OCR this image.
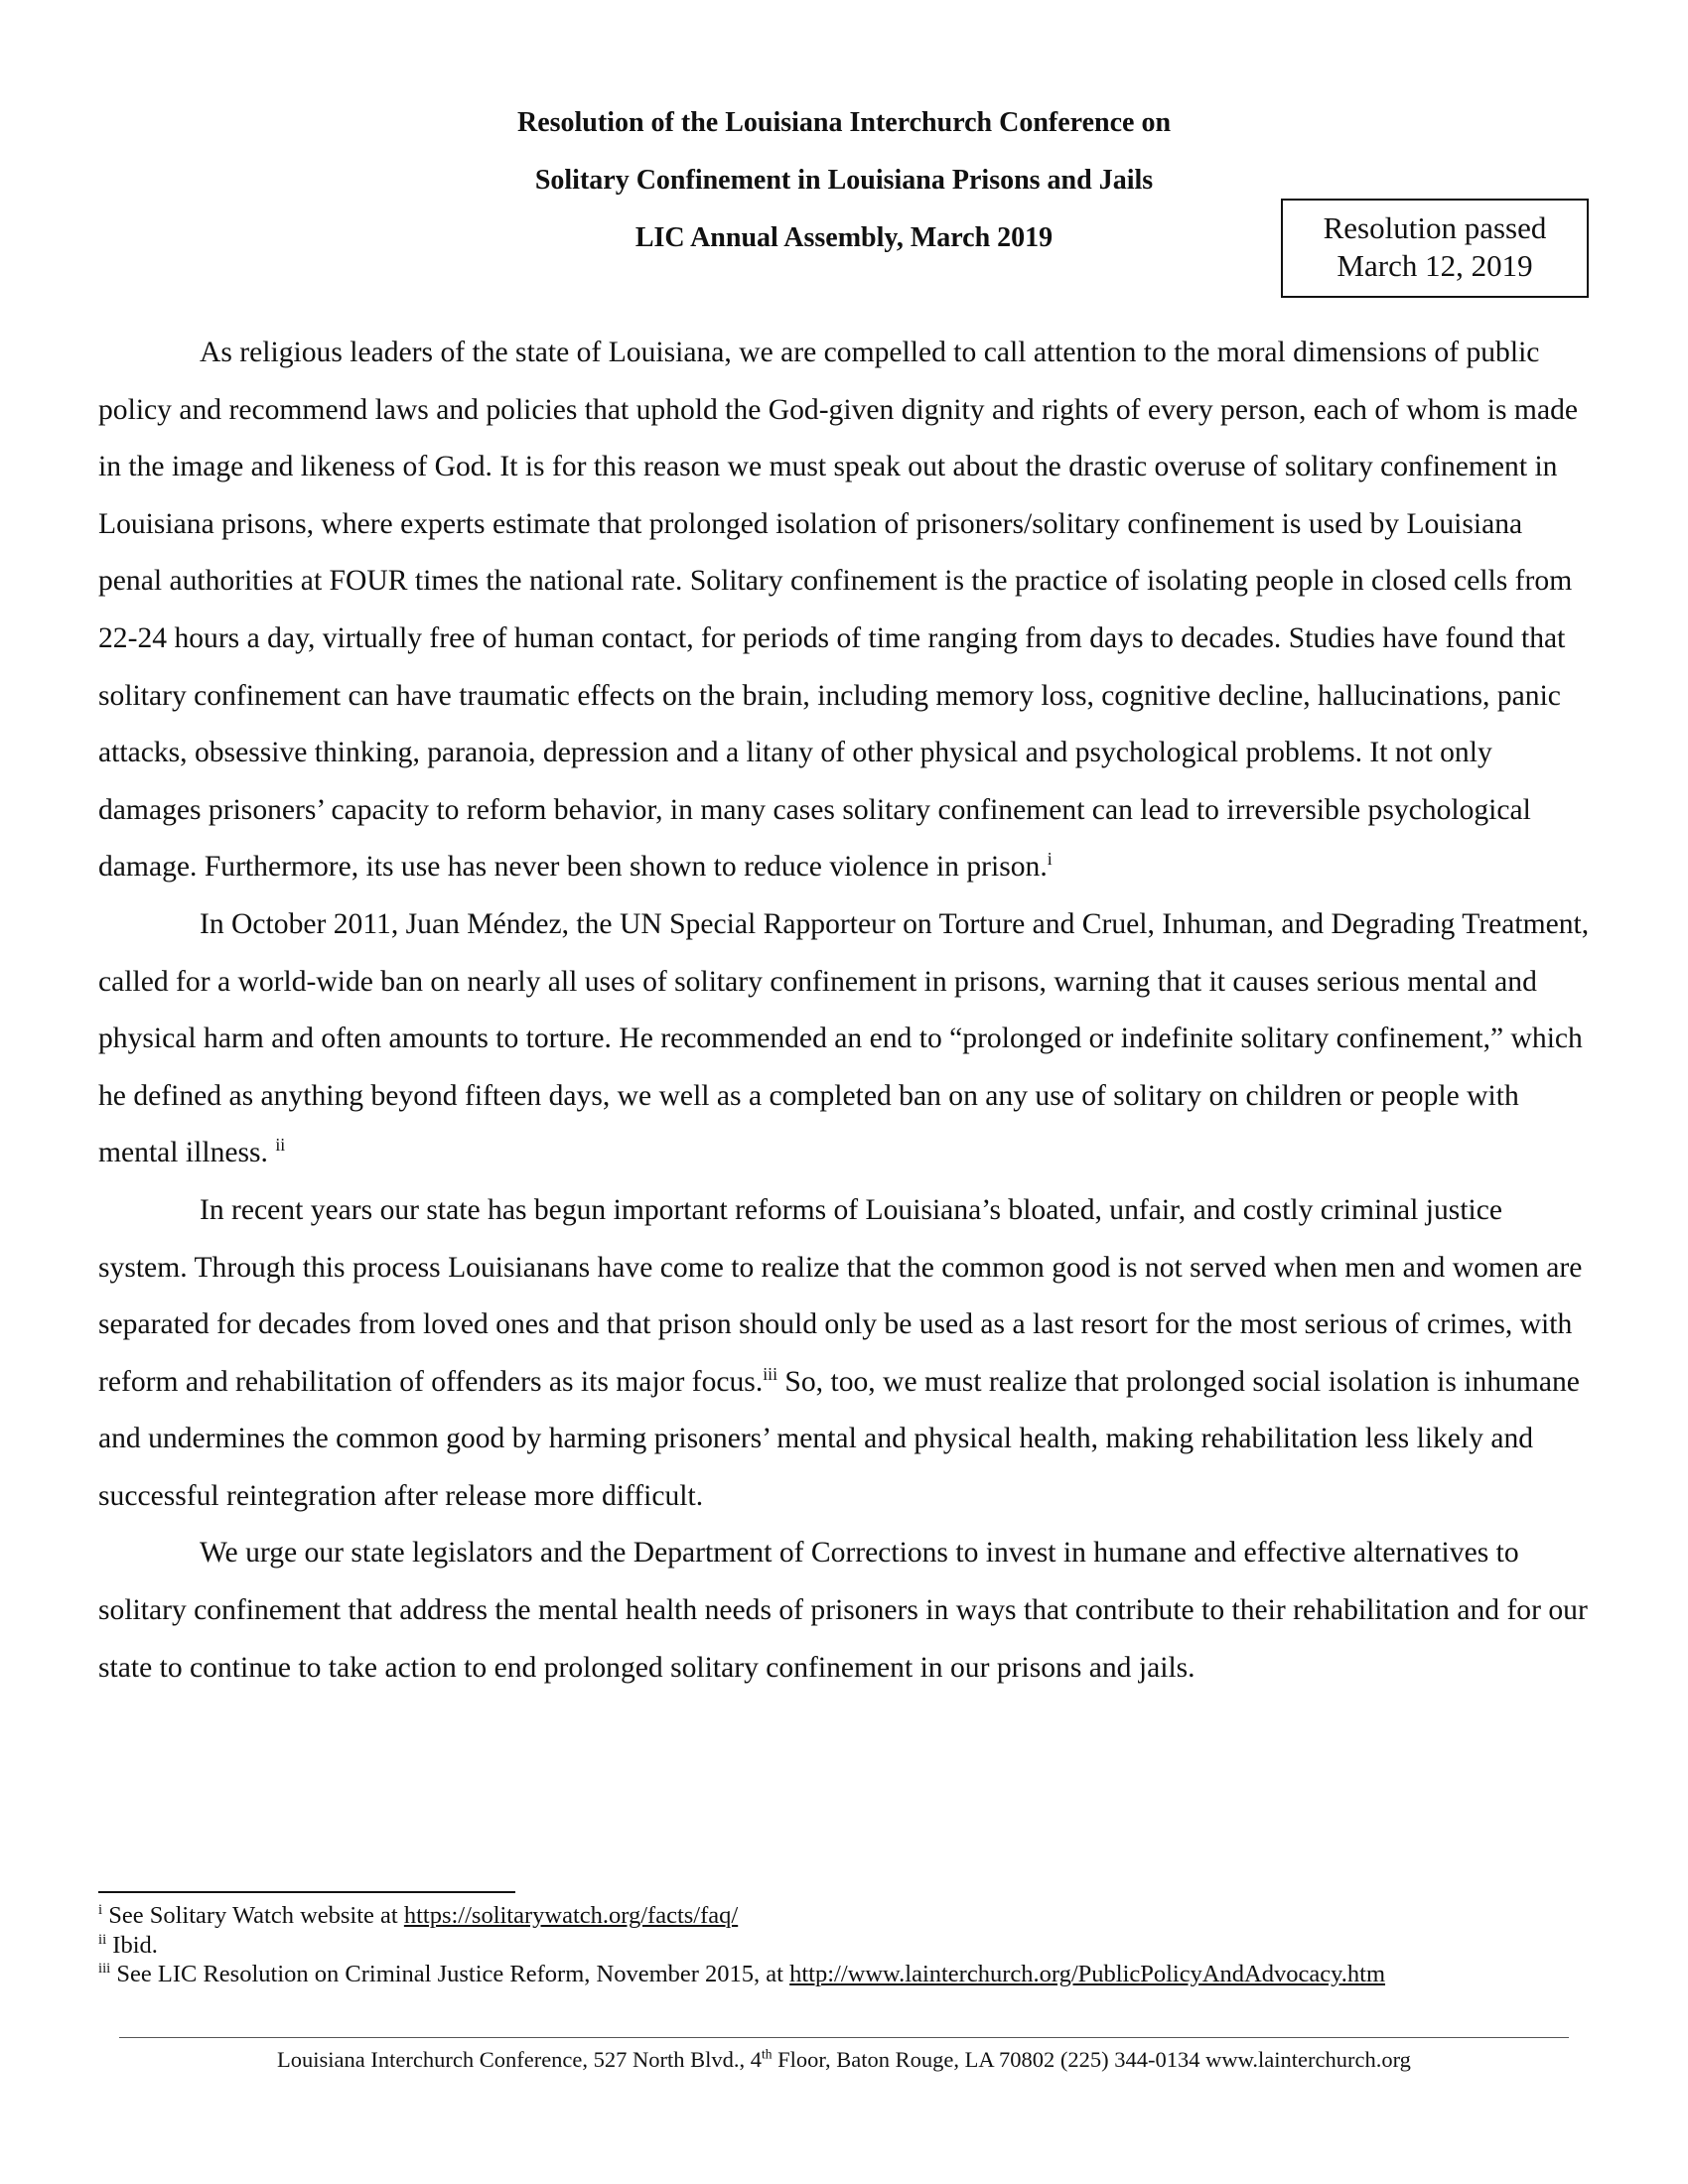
Resolution of the Louisiana Interchurch Conference on
Solitary Confinement in Louisiana Prisons and Jails
LIC Annual Assembly, March 2019	Resolution passed
March 12, 2019

As religious leaders of the state of Louisiana, we are compelled to call attention to the moral dimensions of public policy and recommend laws and policies that uphold the God-given dignity and rights of every person, each of whom is made in the image and likeness of God. It is for this reason we must speak out about the drastic overuse of solitary confinement in Louisiana prisons, where experts estimate that prolonged isolation of prisoners/solitary confinement is used by Louisiana penal authorities at FOUR times the national rate. Solitary confinement is the practice of isolating people in closed cells from 22-24 hours a day, virtually free of human contact, for periods of time ranging from days to decades. Studies have found that solitary confinement can have traumatic effects on the brain, including memory loss, cognitive decline, hallucinations, panic attacks, obsessive thinking, paranoia, depression and a litany of other physical and psychological problems. It not only damages prisoners’ capacity to reform behavior, in many cases solitary confinement can lead to irreversible psychological damage. Furthermore, its use has never been shown to reduce violence in prison.$^i$

In October 2011, Juan Méndez, the UN Special Rapporteur on Torture and Cruel, Inhuman, and Degrading Treatment, called for a world-wide ban on nearly all uses of solitary confinement in prisons, warning that it causes serious mental and physical harm and often amounts to torture. He recommended an end to “prolonged or indefinite solitary confinement,” which he defined as anything beyond fifteen days, we well as a completed ban on any use of solitary on children or people with mental illness. $^{ii}$

In recent years our state has begun important reforms of Louisiana’s bloated, unfair, and costly criminal justice system. Through this process Louisianans have come to realize that the common good is not served when men and women are separated for decades from loved ones and that prison should only be used as a last resort for the most serious of crimes, with reform and rehabilitation of offenders as its major focus.$^{iii}$ So, too, we must realize that prolonged social isolation is inhumane and undermines the common good by harming prisoners’ mental and physical health, making rehabilitation less likely and successful reintegration after release more difficult.

We urge our state legislators and the Department of Corrections to invest in humane and effective alternatives to solitary confinement that address the mental health needs of prisoners in ways that contribute to their rehabilitation and for our state to continue to take action to end prolonged solitary confinement in our prisons and jails.

$^i$ See Solitary Watch website at https://solitarywatch.org/facts/faq/
$^{ii}$ Ibid.
$^{iii}$ See LIC Resolution on Criminal Justice Reform, November 2015, at http://www.lainterchurch.org/PublicPolicyAndAdvocacy.htm
Louisiana Interchurch Conference, 527 North Blvd., 4th Floor, Baton Rouge, LA 70802 (225) 344-0134 www.lainterchurch.org
